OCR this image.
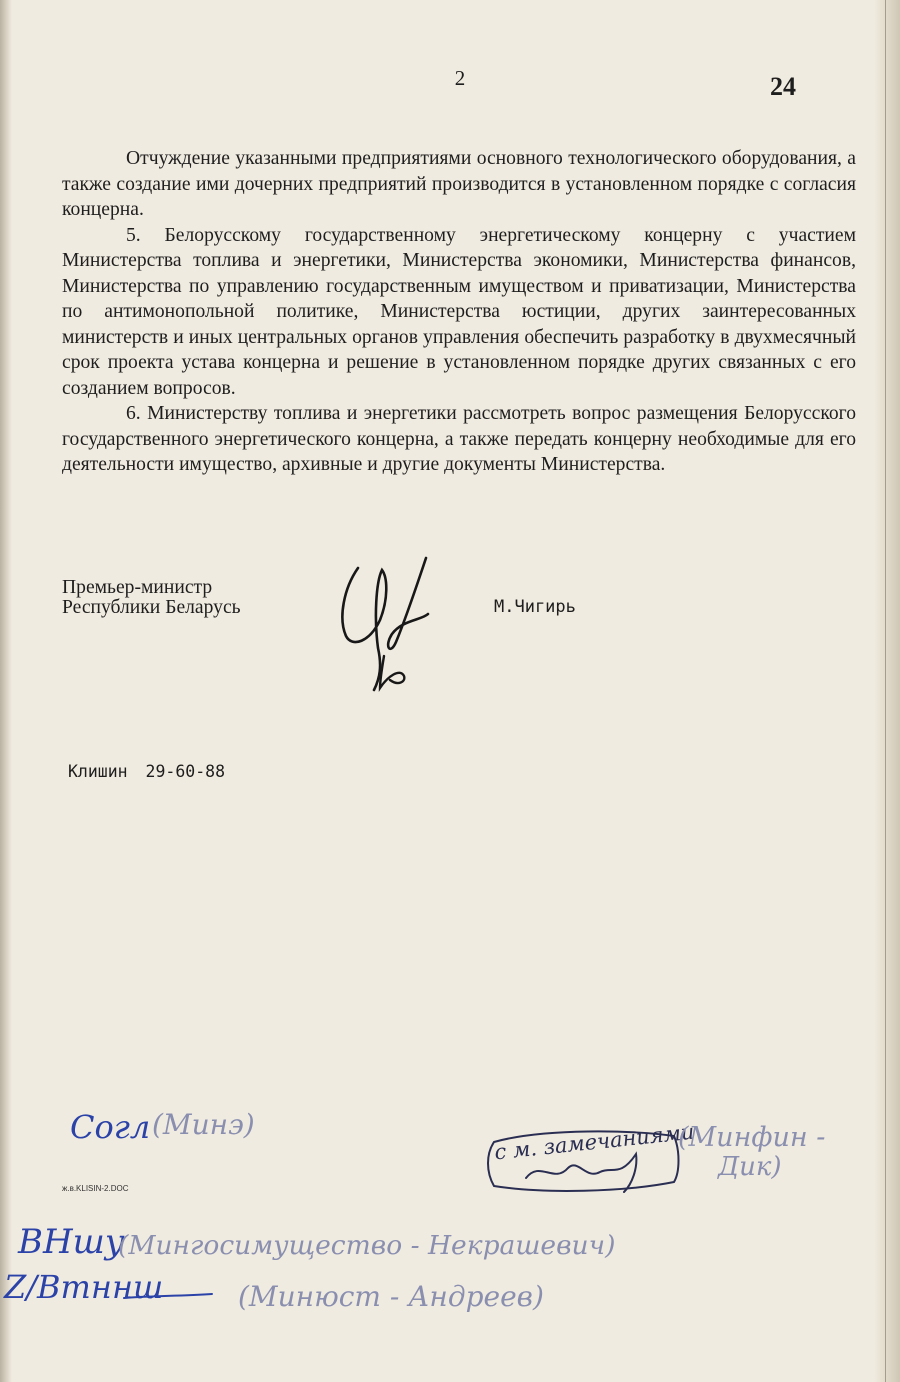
2	24

Отчуждение указанными предприятиями основного технологического оборудования, а также создание ими дочерних предприятий производится в установленном порядке с согласия концерна.

5. Белорусскому государственному энергетическому концерну с участием Министерства топлива и энергетики, Министерства экономики, Министерства финансов, Министерства по управлению государственным имуществом и приватизации, Министерства по антимонопольной политике, Министерства юстиции, других заинтересованных министерств и иных центральных органов управления обеспечить разработку в двухмесячный срок проекта устава концерна и решение в установленном порядке других связанных с его созданием вопросов.

6. Министерству топлива и энергетики рассмотреть вопрос размещения Белорусского государственного энергетического концерна, а также передать концерну необходимые для его деятельности имущество, архивные и другие документы Министерства.

Премьер-министр
Республики Беларусь	М.Чигирь
Клишин 29-60-88
Согл (Минэ)	с м. замечаниями
(Минфин -
Дик)
ж.в.KLISIN-2.DOC
ВНшу
(Мингосимущество - Некрашевич)
Z/Втннш	(Минюст - Андреев)
